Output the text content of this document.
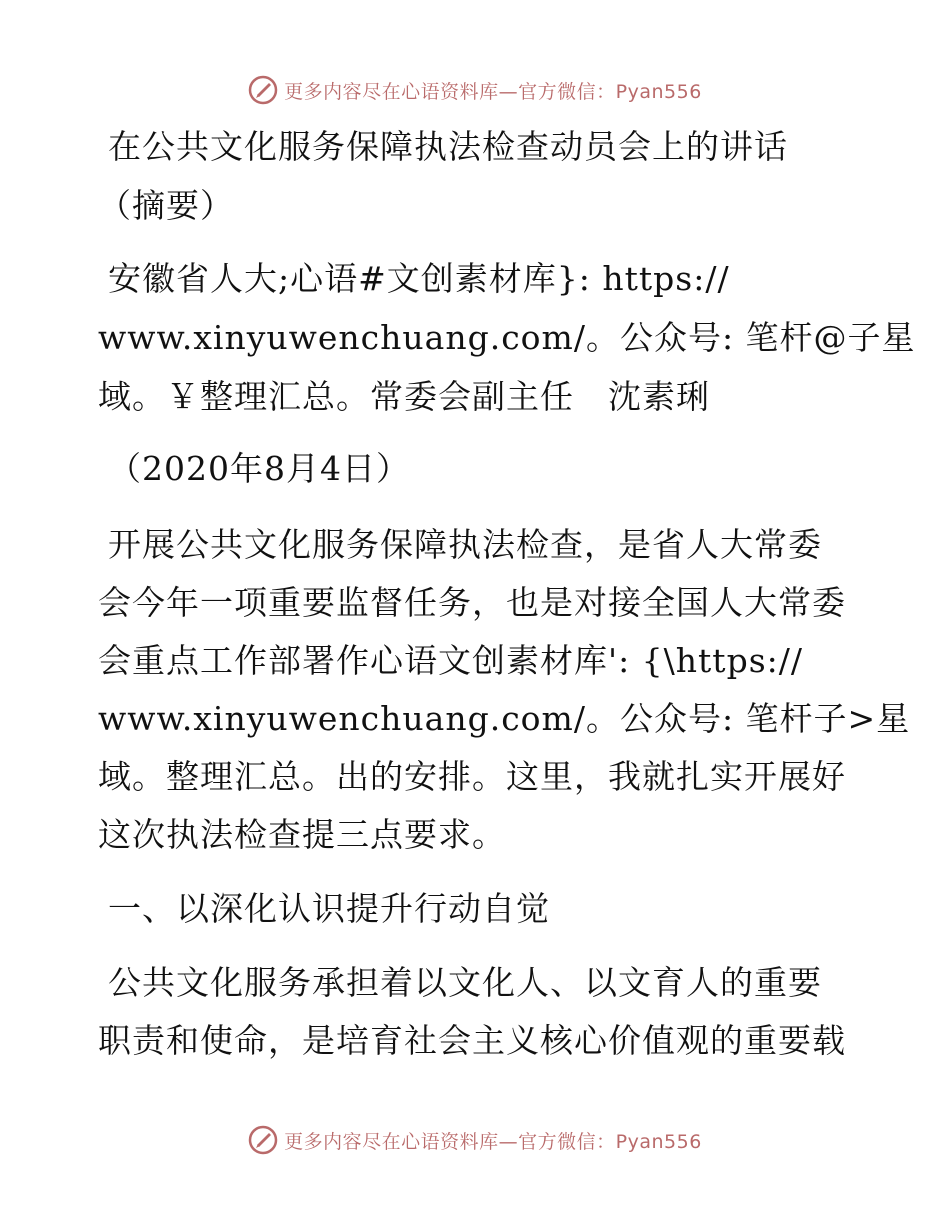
更多内容尽在心语资料库—官方微信：Pyan556
在公共文化服务保障执法检查动员会上的讲话
（摘要）
安徽省人大;心语#文创素材库}: https://
www.xinyuwenchuang.com/。公众号: 笔杆@子星
域。￥整理汇总。常委会副主任　沈素琍
（2020年8月4日）
开展公共文化服务保障执法检查，是省人大常委
会今年一项重要监督任务，也是对接全国人大常委
会重点工作部署作心语文创素材库': {\https://
www.xinyuwenchuang.com/。公众号: 笔杆子>星
域。整理汇总。出的安排。这里，我就扎实开展好
这次执法检查提三点要求。
一、以深化认识提升行动自觉
公共文化服务承担着以文化人、以文育人的重要
职责和使命，是培育社会主义核心价值观的重要载
更多内容尽在心语资料库—官方微信：Pyan556
